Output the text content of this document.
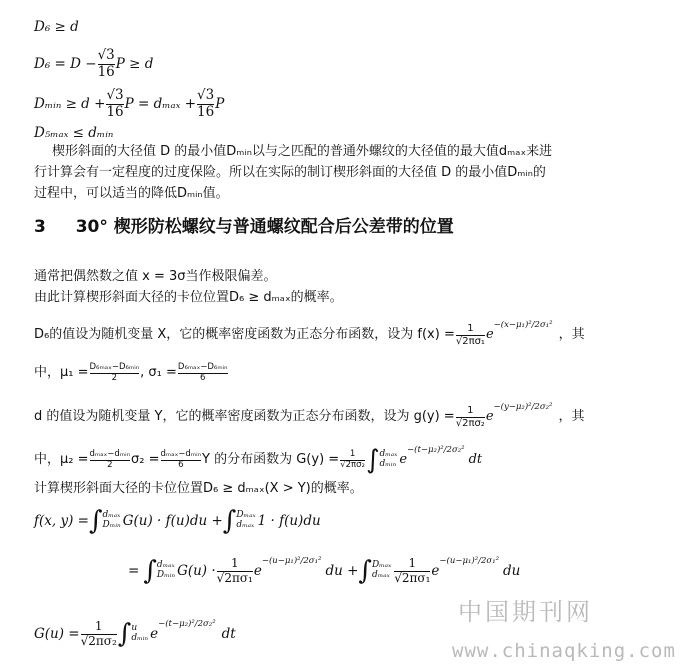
D₆ ≥ d
$D_6 = D - \frac{√3}{16}$ P ≥ d
Dₘᵢₙ ≥ $d + \frac{√3}{16}$ $P = d_{max} + \frac{√3}{16}$ P
D₅ₘₐₓ ≤ dₘᵢₙ
楔形斜面的大径值 D 的最小值Dₘᵢₙ以与之匹配的普通外螺纹的大径值的最大值dₘₐₓ来进
行计算会有一定程度的过度保险。所以在实际的制订楔形斜面的大径值 D 的最小值Dₘᵢₙ的
过程中，可以适当的降低Dₘᵢₙ值。
3 30° 楔形防松螺纹与普通螺纹配合后公差带的位置
通常把偶然数之值 x = 3σ当作极限偏差。
由此计算楔形斜面大径的卡位位置D₆ ≥ dₘₐₓ的概率。
D₆的值设为随机变量 X，它的概率密度函数为正态分布函数，设为 $f(x) = \frac{1}{\text{√2πσ₁}}$ e
−(x−μ₁)²/2σ₁²
，其
中，$\mu_1 = \frac{\text{D₆ₘₐₓ−D₆ₘᵢₙ}}{2}$ , $\sigma_1 = \frac{\text{D₆ₘₐₓ−D₆ₘᵢₙ}}{6}$
d 的值设为随机变量 Y，它的概率密度函数为正态分布函数，设为 $g(y) = \frac{1}{\text{√2πσ₂}}$ e
−(y−μ₂)²/2σ₂²
，其
中，$\mu_2 = \frac{\text{dₘₐₓ−dₘᵢₙ}}{2} \sigma_2 = \frac{\text{dₘₐₓ−dₘᵢₙ}}{6}$ Y 的分布函数为 $G(y) = \frac{1}{\text{√2πσ₂}}$ ∫ dₘₐₓ
dₘᵢₙ e
−(t−μ₂)²/2σ₂²
dt
计算楔形斜面大径的卡位位置D₆ ≥ dₘₐₓ(X > Y)的概率。
f(x, y) = ∫ dₘₐₓ
Dₘᵢₙ G(u) · f(u)du + ∫ Dₘₐₓ
dₘₐₓ 1 · f(u)du
= ∫ dₘₐₓ
Dₘᵢₙ $G(u) \cdot \frac{1}{\text{√2πσ₁}}$ e
−(u−μ₁)²/2σ₁²
du + ∫ Dₘₐₓ
dₘₐₓ $\frac{1}{\text{√2πσ₁}}$ e
−(u−μ₁)²/2σ₁²
du
$G(u) = \frac{1}{\text{√2πσ₂}}$ ∫ u
dₘᵢₙ e
−(t−μ₂)²/2σ₂²
dt
中国期刊网
www.chinaqking.com
